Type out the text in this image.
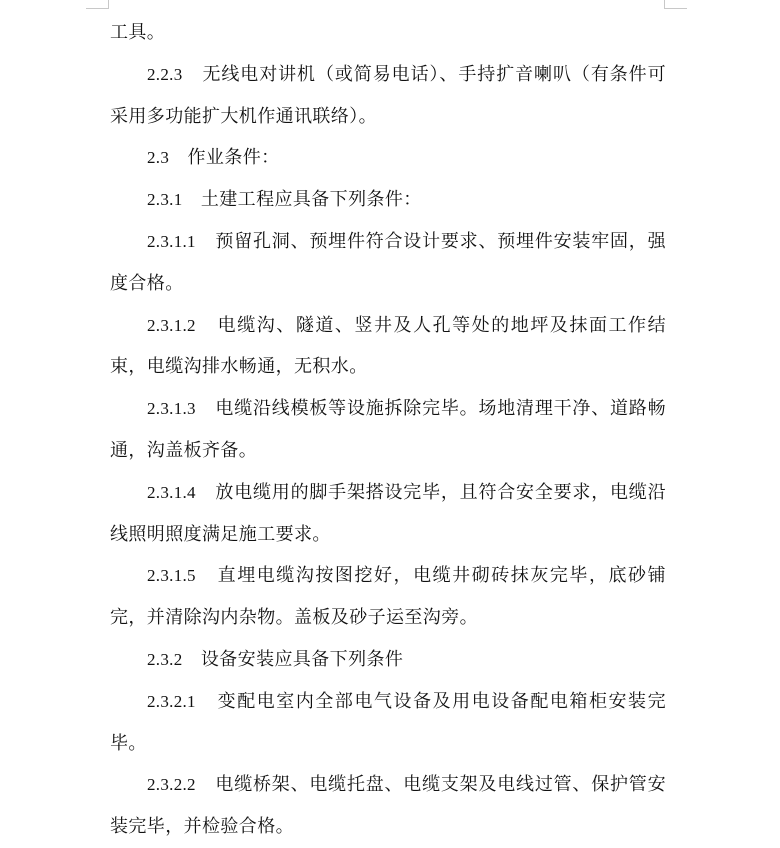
工具。

2.2.3 无线电对讲机（或简易电话）、手持扩音喇叭（有条件可采用多功能扩大机作通讯联络）。

2.3 作业条件：

2.3.1 土建工程应具备下列条件：

2.3.1.1 预留孔洞、预埋件符合设计要求、预埋件安装牢固，强度合格。

2.3.1.2 电缆沟、隧道、竖井及人孔等处的地坪及抹面工作结束，电缆沟排水畅通，无积水。

2.3.1.3 电缆沿线模板等设施拆除完毕。场地清理干净、道路畅通，沟盖板齐备。

2.3.1.4 放电缆用的脚手架搭设完毕，且符合安全要求，电缆沿线照明照度满足施工要求。

2.3.1.5 直埋电缆沟按图挖好，电缆井砌砖抹灰完毕，底砂铺完，并清除沟内杂物。盖板及砂子运至沟旁。

2.3.2 设备安装应具备下列条件

2.3.2.1 变配电室内全部电气设备及用电设备配电箱柜安装完毕。

2.3.2.2 电缆桥架、电缆托盘、电缆支架及电线过管、保护管安装完毕，并检验合格。
